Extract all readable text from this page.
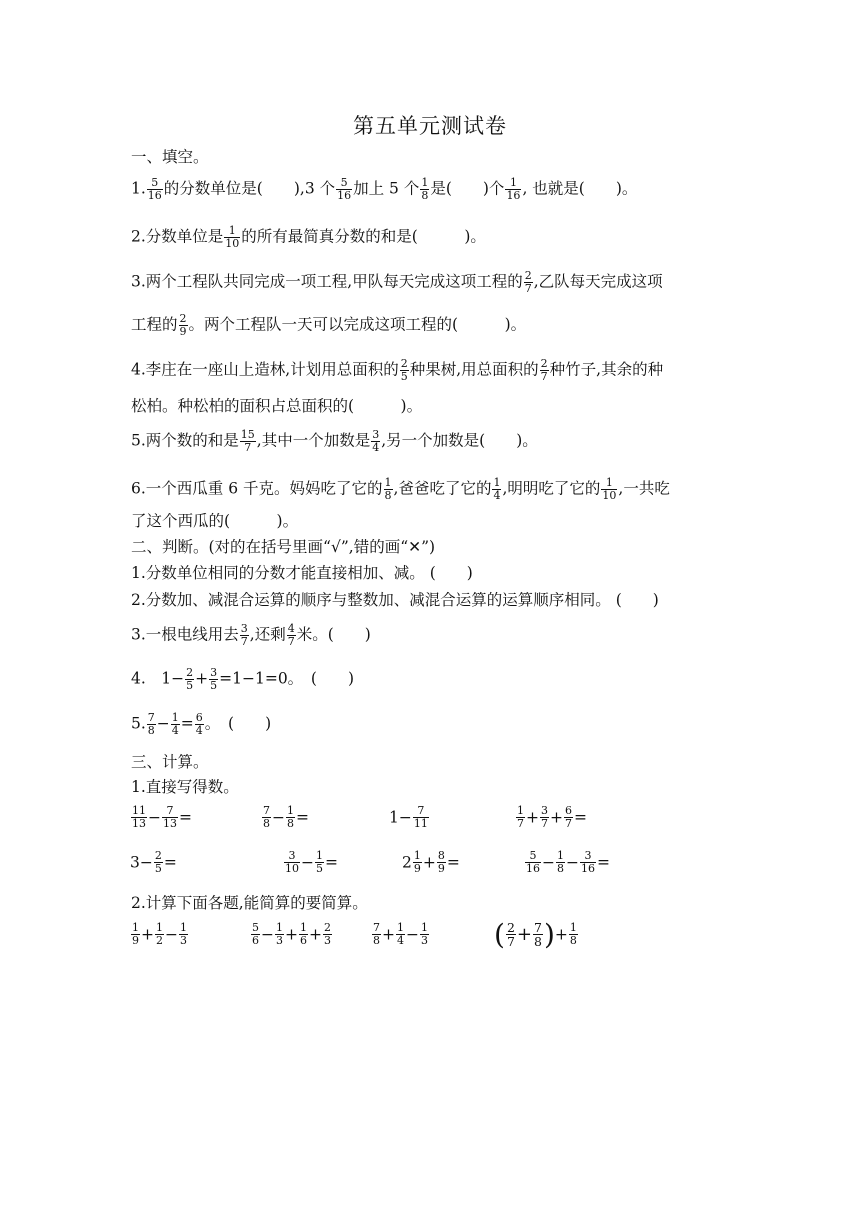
第五单元测试卷
一、填空。
1. $\frac{5}{16}$ 的分数单位是(　　),3 个 $\frac{5}{16}$ 加上 5 个 $\frac{1}{8}$ 是(　　)个 $\frac{1}{16}$ , 也就是(　　)。
2.分数单位是 $\frac{1}{10}$ 的所有最简真分数的和是(　　　)。
3.两个工程队共同完成一项工程,甲队每天完成这项工程的 $\frac{2}{7}$ ,乙队每天完成这项
工程的 $\frac{2}{9}$ 。两个工程队一天可以完成这项工程的(　　　)。
4.李庄在一座山上造林,计划用总面积的 $\frac{2}{5}$ 种果树,用总面积的 $\frac{2}{7}$ 种竹子,其余的种
松柏。种松柏的面积占总面积的(　　　)。
5.两个数的和是 $\frac{15}{7}$ ,其中一个加数是 $\frac{3}{4}$ ,另一个加数是(　　)。
6.一个西瓜重 6 千克。妈妈吃了它的 $\frac{1}{8}$ ,爸爸吃了它的 $\frac{1}{4}$ ,明明吃了它的 $\frac{1}{10}$ ,一共吃
了这个西瓜的(　　　)。
二、判断。(对的在括号里画“√”,错的画“✕”)
1.分数单位相同的分数才能直接相加、减。 (　　)
2.分数加、减混合运算的顺序与整数加、减混合运算的运算顺序相同。 (　　)
3.一根电线用去 $\frac{3}{7}$ ,还剩 $\frac{4}{7}$ 米。(　　)
4.　$1- \frac{2}{5} + \frac{3}{5} =1-1=0$。　(　　)
5. $\frac{7}{8} - \frac{1}{4} = \frac{6}{4}$ 。　(　　)
三、计算。
1.直接写得数。
$\frac{11}{13} - \frac{7}{13}$ =	$\frac{7}{8} - \frac{1}{8}$ =	$1- \frac{7}{11}$	$\frac{1}{7} + \frac{3}{7} + \frac{6}{7}$ =
$3- \frac{2}{5}$ =	$\frac{3}{10} - \frac{1}{5}$ =	$2 \frac{1}{9} + \frac{8}{9}$ =	$\frac{5}{16} - \frac{1}{8} - \frac{3}{16}$ =
2.计算下面各题,能简算的要简算。
$\frac{1}{9} + \frac{1}{2} - \frac{1}{3}$	$\frac{5}{6} - \frac{1}{3} + \frac{1}{6} + \frac{2}{3}$	$\frac{7}{8} + \frac{1}{4} - \frac{1}{3}$ ( $\frac{2}{7} + \frac{7}{8}$ )+ $\frac{1}{8}$
